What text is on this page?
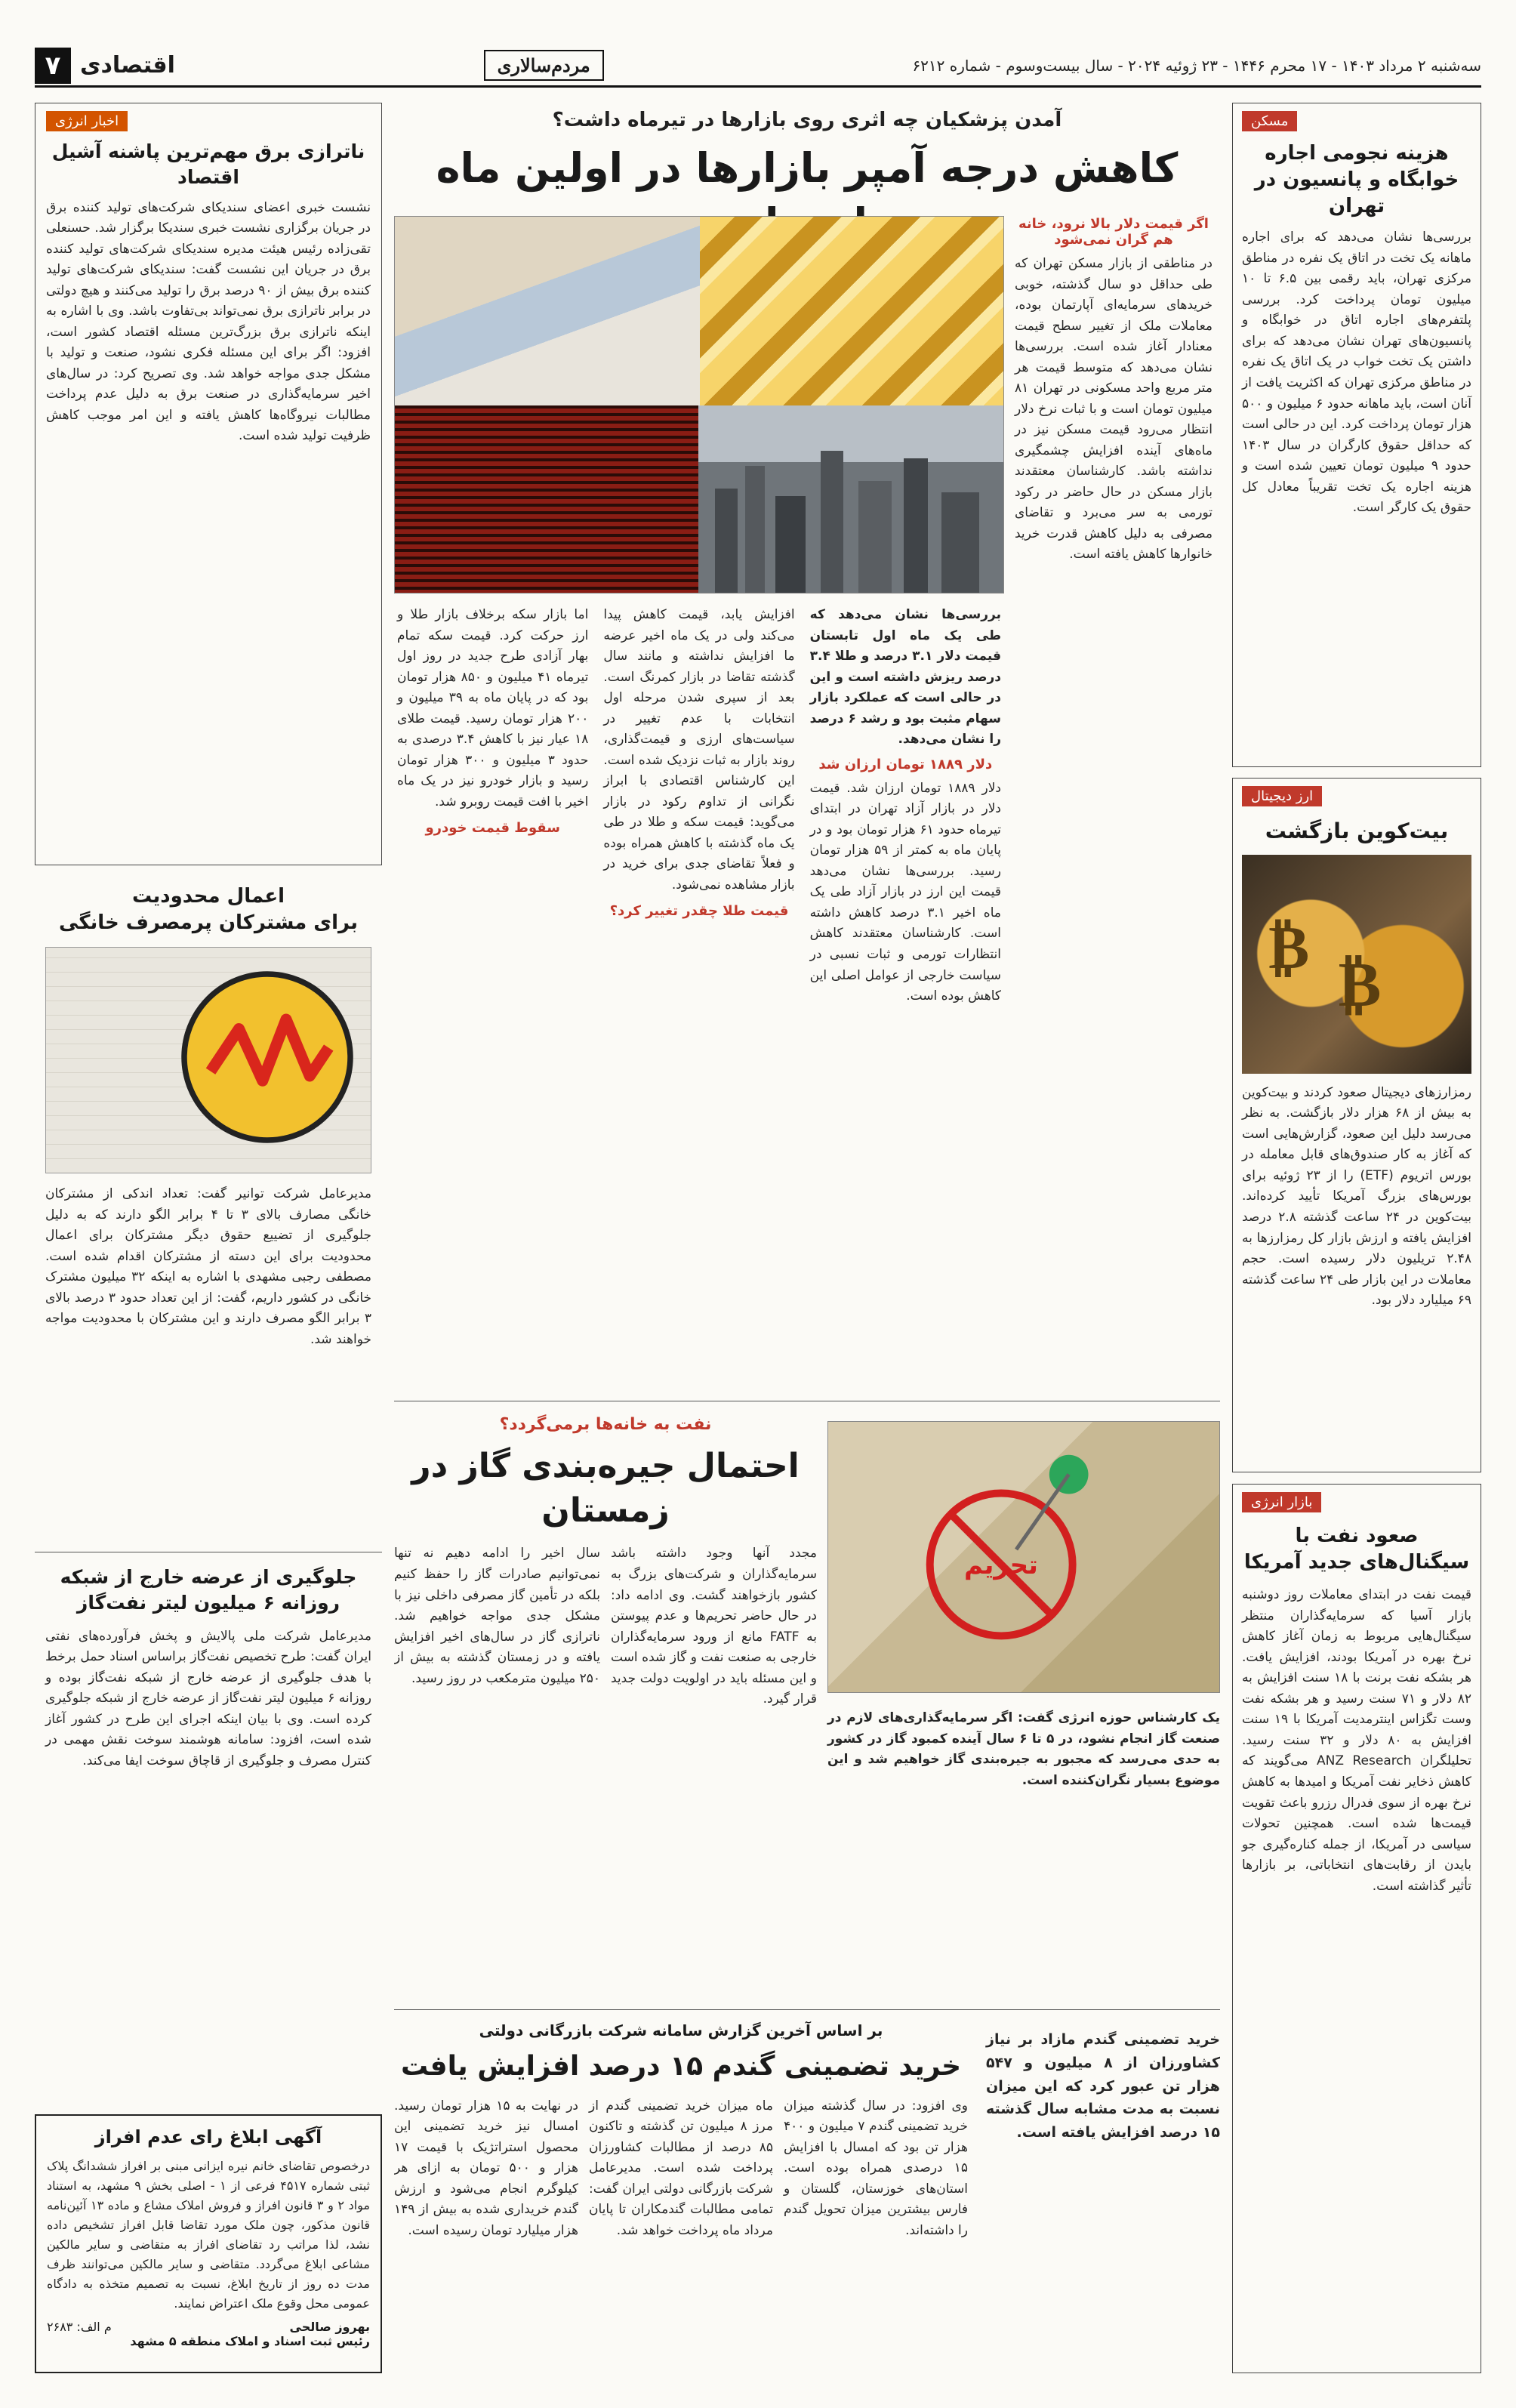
سه‌شنبه ۲ مرداد ۱۴۰۳ - ۱۷ محرم ۱۴۴۶ - ۲۳ ژوئیه ۲۰۲۴ - سال بیست‌وسوم - شماره ۶۲۱۲
مردم‌سالاری
اقتصادی
۷
مسکن
هزینه نجومی اجاره خوابگاه و پانسیون در تهران
بررسی‌ها نشان می‌دهد که برای اجاره ماهانه یک تخت در اتاق یک نفره در مناطق مرکزی تهران، باید رقمی بین ۶.۵ تا ۱۰ میلیون تومان پرداخت کرد. بررسی پلتفرم‌های اجاره اتاق در خوابگاه و پانسیون‌های تهران نشان می‌دهد که برای داشتن یک تخت خواب در یک اتاق یک نفره در مناطق مرکزی تهران که اکثریت یافت از آنان است، باید ماهانه حدود ۶ میلیون و ۵۰۰ هزار تومان پرداخت کرد. این در حالی است که حداقل حقوق کارگران در سال ۱۴۰۳ حدود ۹ میلیون تومان تعیین شده است و هزینه اجاره یک تخت تقریباً معادل کل حقوق یک کارگر است.
ارز دیجیتال
بیت‌کوین بازگشت
₿
₿
رمزارزهای دیجیتال صعود کردند و بیت‌کوین به بیش از ۶۸ هزار دلار بازگشت. به نظر می‌رسد دلیل این صعود، گزارش‌هایی است که آغاز به کار صندوق‌های قابل معامله در بورس اتریوم (ETF) را از ۲۳ ژوئیه برای بورس‌های بزرگ آمریکا تأیید کرده‌اند. بیت‌کوین در ۲۴ ساعت گذشته ۲.۸ درصد افزایش یافته و ارزش بازار کل رمزارزها به ۲.۴۸ تریلیون دلار رسیده است. حجم معاملات در این بازار طی ۲۴ ساعت گذشته ۶۹ میلیارد دلار بود.
بازار انرژی
صعود نفت با سیگنال‌های جدید آمریکا
قیمت نفت در ابتدای معاملات روز دوشنبه بازار آسیا که سرمایه‌گذاران منتظر سیگنال‌هایی مربوط به زمان آغاز کاهش نرخ بهره در آمریکا بودند، افزایش یافت. هر بشکه نفت برنت با ۱۸ سنت افزایش به ۸۲ دلار و ۷۱ سنت رسید و هر بشکه نفت وست تگزاس اینترمدیت آمریکا با ۱۹ سنت افزایش به ۸۰ دلار و ۳۲ سنت رسید. تحلیلگران ANZ Research می‌گویند که کاهش ذخایر نفت آمریکا و امیدها به کاهش نرخ بهره از سوی فدرال رزرو باعث تقویت قیمت‌ها شده است. همچنین تحولات سیاسی در آمریکا، از جمله کناره‌گیری جو بایدن از رقابت‌های انتخاباتی، بر بازارها تأثیر گذاشته است.
اخبار انرژی
ناترازی برق مهم‌ترین پاشنه آشیل اقتصاد
نشست خبری اعضای سندیکای شرکت‌های تولید کننده برق در جریان برگزاری نشست خبری سندیکا برگزار شد. حسنعلی تقی‌زاده رئیس هیئت مدیره سندیکای شرکت‌های تولید کننده برق در جریان این نشست گفت: سندیکای شرکت‌های تولید کننده برق بیش از ۹۰ درصد برق را تولید می‌کنند و هیچ دولتی در برابر ناترازی برق نمی‌تواند بی‌تفاوت باشد. وی با اشاره به اینکه ناترازی برق بزرگ‌ترین مسئله اقتصاد کشور است، افزود: اگر برای این مسئله فکری نشود، صنعت و تولید با مشکل جدی مواجه خواهد شد. وی تصریح کرد: در سال‌های اخیر سرمایه‌گذاری در صنعت برق به دلیل عدم پرداخت مطالبات نیروگاه‌ها کاهش یافته و این امر موجب کاهش ظرفیت تولید شده است.
اعمال محدودیت
برای مشترکان پرمصرف خانگی
مدیرعامل شرکت توانیر گفت: تعداد اندکی از مشترکان خانگی مصارف بالای ۳ تا ۴ برابر الگو دارند که به دلیل جلوگیری از تضییع حقوق دیگر مشترکان برای اعمال محدودیت برای این دسته از مشترکان اقدام شده است. مصطفی رجبی مشهدی با اشاره به اینکه ۳۲ میلیون مشترک خانگی در کشور داریم، گفت: از این تعداد حدود ۳ درصد بالای ۳ برابر الگو مصرف دارند و این مشترکان با محدودیت مواجه خواهند شد.
جلوگیری از عرضه خارج از شبکه
روزانه ۶ میلیون لیتر نفت‌گاز
مدیرعامل شرکت ملی پالایش و پخش فرآورده‌های نفتی ایران گفت: طرح تخصیص نفت‌گاز براساس اسناد حمل برخط با هدف جلوگیری از عرضه خارج از شبکه نفت‌گاز بوده و روزانه ۶ میلیون لیتر نفت‌گاز از عرضه خارج از شبکه جلوگیری کرده است. وی با بیان اینکه اجرای این طرح در کشور آغاز شده است، افزود: سامانه هوشمند سوخت نقش مهمی در کنترل مصرف و جلوگیری از قاچاق سوخت ایفا می‌کند.
آگهی ابلاغ رای عدم افراز
درخصوص تقاضای خانم نیره ایزانی مبنی بر افراز ششدانگ پلاک ثبتی شماره ۴۵۱۷ فرعی از ۱ - اصلی بخش ۹ مشهد، به استناد مواد ۲ و ۳ قانون افراز و فروش املاک مشاع و ماده ۱۳ آئین‌نامه قانون مذکور، چون ملک مورد تقاضا قابل افراز تشخیص داده نشد، لذا مراتب رد تقاضای افراز به متقاضی و سایر مالکین مشاعی ابلاغ می‌گردد. متقاضی و سایر مالکین می‌توانند ظرف مدت ده روز از تاریخ ابلاغ، نسبت به تصمیم متخذه به دادگاه عمومی محل وقوع ملک اعتراض نمایند.
بهروز صالحی
م الف: ۲۶۸۳
رئیس ثبت اسناد و املاک منطقه ۵ مشهد
آمدن پزشکیان چه اثری روی بازارها در تیرماه داشت؟
کاهش درجه آمپر بازارها در اولین ماه
اگر قیمت دلار بالا نرود، خانه هم گران نمی‌شود
در مناطقی از بازار مسکن تهران که طی حداقل دو سال گذشته، خوبی خریدهای سرمایه‌ای آپارتمان بوده، معاملات ملک از تغییر سطح قیمت معنادار آغاز شده است. بررسی‌ها نشان می‌دهد که متوسط قیمت هر متر مربع واحد مسکونی در تهران ۸۱ میلیون تومان است و با ثبات نرخ دلار انتظار می‌رود قیمت مسکن نیز در ماه‌های آینده افزایش چشمگیری نداشته باشد. کارشناسان معتقدند بازار مسکن در حال حاضر در رکود تورمی به سر می‌برد و تقاضای مصرفی به دلیل کاهش قدرت خرید خانوارها کاهش یافته است.
بررسی‌ها نشان می‌دهد که طی یک ماه اول تابستان قیمت دلار ۳.۱ درصد و طلا ۳.۴ درصد ریزش داشته است و این در حالی است که عملکرد بازار سهام مثبت بود و رشد ۶ درصد را نشان می‌دهد.
دلار ۱۸۸۹ تومان ارزان شد
دلار ۱۸۸۹ تومان ارزان شد. قیمت دلار در بازار آزاد تهران در ابتدای تیرماه حدود ۶۱ هزار تومان بود و در پایان ماه به کمتر از ۵۹ هزار تومان رسید. بررسی‌ها نشان می‌دهد قیمت این ارز در بازار آزاد طی یک ماه اخیر ۳.۱ درصد کاهش داشته است. کارشناسان معتقدند کاهش انتظارات تورمی و ثبات نسبی در سیاست خارجی از عوامل اصلی این کاهش بوده است.
افزایش یابد، قیمت کاهش پیدا می‌کند ولی در یک ماه اخیر عرضه ما افزایش نداشته و مانند سال گذشته تقاضا در بازار کمرنگ است. بعد از سپری شدن مرحله اول انتخابات با عدم تغییر در سیاست‌های ارزی و قیمت‌گذاری، روند بازار به ثبات نزدیک شده است. این کارشناس اقتصادی با ابراز نگرانی از تداوم رکود در بازار می‌گوید: قیمت سکه و طلا در طی یک ماه گذشته با کاهش همراه بوده و فعلاً تقاضای جدی برای خرید در بازار مشاهده نمی‌شود.
قیمت طلا چقدر تغییر کرد؟
اما بازار سکه برخلاف بازار طلا و ارز حرکت کرد. قیمت سکه تمام بهار آزادی طرح جدید در روز اول تیرماه ۴۱ میلیون و ۸۵۰ هزار تومان بود که در پایان ماه به ۳۹ میلیون و ۲۰۰ هزار تومان رسید. قیمت طلای ۱۸ عیار نیز با کاهش ۳.۴ درصدی به حدود ۳ میلیون و ۳۰۰ هزار تومان رسید و بازار خودرو نیز در یک ماه اخیر با افت قیمت روبرو شد.
سقوط قیمت خودرو
نفت به خانه‌ها برمی‌گردد؟
احتمال جیره‌بندی گاز در زمستان
مجدد آنها وجود داشته باشد سرمایه‌گذاران و شرکت‌های بزرگ به کشور بازخواهند گشت. وی ادامه داد: در حال حاضر تحریم‌ها و عدم پیوستن به FATF مانع از ورود سرمایه‌گذاران خارجی به صنعت نفت و گاز شده است و این مسئله باید در اولویت دولت جدید قرار گیرد.
سال اخیر را ادامه دهیم نه تنها نمی‌توانیم صادرات گاز را حفظ کنیم بلکه در تأمین گاز مصرفی داخلی نیز با مشکل جدی مواجه خواهیم شد. ناترازی گاز در سال‌های اخیر افزایش یافته و در زمستان گذشته به بیش از ۲۵۰ میلیون مترمکعب در روز رسید.
تحریم
یک کارشناس حوزه انرژی گفت: اگر سرمایه‌گذاری‌های لازم در صنعت گاز انجام نشود، در ۵ تا ۶ سال آینده کمبود گاز در کشور به حدی می‌رسد که مجبور به جیره‌بندی گاز خواهیم شد و این موضوع بسیار نگران‌کننده است.
بر اساس آخرین گزارش سامانه شرکت بازرگانی دولتی
خرید تضمینی گندم ۱۵ درصد افزایش یافت
وی افزود: در سال گذشته میزان خرید تضمینی گندم ۷ میلیون و ۴۰۰ هزار تن بود که امسال با افزایش ۱۵ درصدی همراه بوده است. استان‌های خوزستان، گلستان و فارس بیشترین میزان تحویل گندم را داشته‌اند.
ماه میزان خرید تضمینی گندم از مرز ۸ میلیون تن گذشته و تاکنون ۸۵ درصد از مطالبات کشاورزان پرداخت شده است. مدیرعامل شرکت بازرگانی دولتی ایران گفت: تمامی مطالبات گندمکاران تا پایان مرداد ماه پرداخت خواهد شد.
در نهایت به ۱۵ هزار تومان رسید. امسال نیز خرید تضمینی این محصول استراتژیک با قیمت ۱۷ هزار و ۵۰۰ تومان به ازای هر کیلوگرم انجام می‌شود و ارزش گندم خریداری شده به بیش از ۱۴۹ هزار میلیارد تومان رسیده است.
خرید تضمینی گندم مازاد بر نیاز کشاورزان از ۸ میلیون و ۵۴۷ هزار تن عبور کرد که این میزان نسبت به مدت مشابه سال گذشته ۱۵ درصد افزایش یافته است.
